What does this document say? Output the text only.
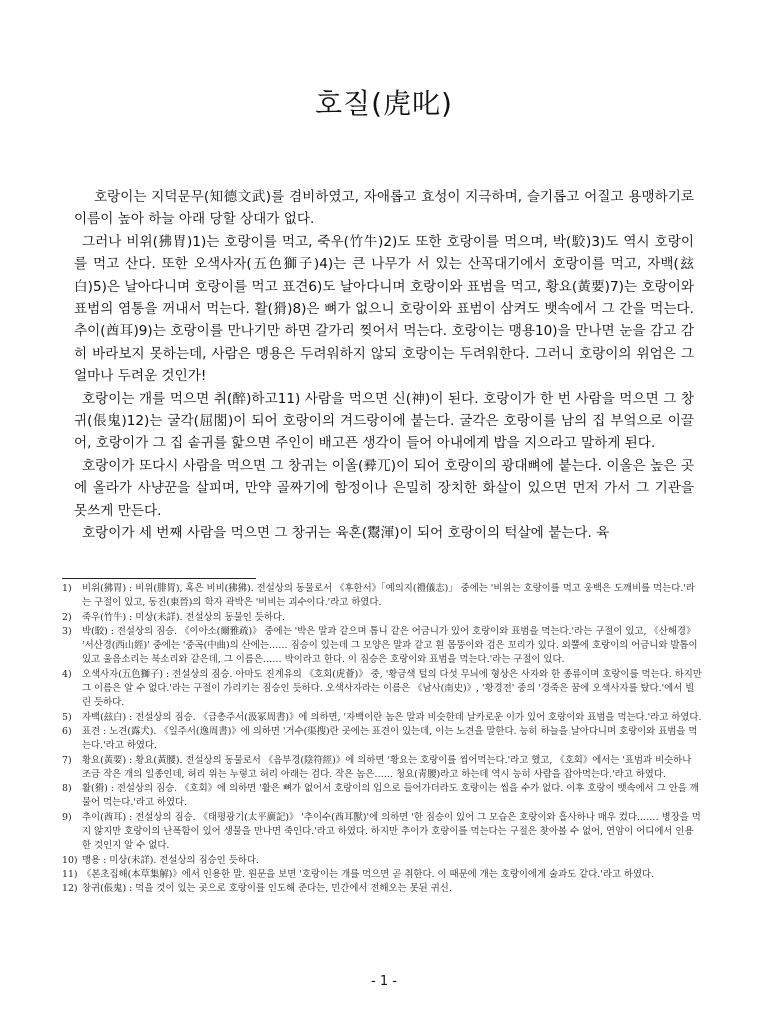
호질(虎叱)

호랑이는 지덕문무(知德文武)를 겸비하였고, 자애롭고 효성이 지극하며, 슬기롭고 어질고 용맹하기로 이름이 높아 하늘 아래 당할 상대가 없다.

그러나 비위(狒胃)1)는 호랑이를 먹고, 죽우(竹牛)2)도 또한 호랑이를 먹으며, 박(駮)3)도 역시 호랑이를 먹고 산다. 또한 오색사자(五色獅子)4)는 큰 나무가 서 있는 산꼭대기에서 호랑이를 먹고, 자백(玆白)5)은 날아다니며 호랑이를 먹고 표견6)도 날아다니며 호랑이와 표범을 먹고, 황요(黃要)7)는 호랑이와 표범의 염통을 꺼내서 먹는다. 활(猾)8)은 뼈가 없으니 호랑이와 표범이 삼켜도 뱃속에서 그 간을 먹는다. 추이(酋耳)9)는 호랑이를 만나기만 하면 갈가리 찢어서 먹는다. 호랑이는 맹용10)을 만나면 눈을 감고 감히 바라보지 못하는데, 사람은 맹용은 두려워하지 않되 호랑이는 두려워한다. 그러니 호랑이의 위엄은 그 얼마나 두려운 것인가!

호랑이는 개를 먹으면 취(醉)하고11) 사람을 먹으면 신(神)이 된다. 호랑이가 한 번 사람을 먹으면 그 창귀(倀鬼)12)는 굴각(屈閣)이 되어 호랑이의 겨드랑이에 붙는다. 굴각은 호랑이를 남의 집 부엌으로 이끌어, 호랑이가 그 집 솥귀를 핥으면 주인이 배고픈 생각이 들어 아내에게 밥을 지으라고 말하게 된다.

호랑이가 또다시 사람을 먹으면 그 창귀는 이올(彛兀)이 되어 호랑이의 광대뼈에 붙는다. 이올은 높은 곳에 올라가 사냥꾼을 살피며, 만약 골짜기에 함정이나 은밀히 장치한 화살이 있으면 먼저 가서 그 기관을 못쓰게 만든다.

호랑이가 세 번째 사람을 먹으면 그 창귀는 육혼(鬻渾)이 되어 호랑이의 턱살에 붙는다. 육

1)	비위(狒胃) : 비위(腓胃), 혹은 비비(狒狒). 전설상의 동물로서 《후한서》「예의지(禮儀志)」 중에는 '비위는 호랑이를 먹고 웅백은 도깨비를 먹는다.'라는 구절이 있고, 동진(東晉)의 학자 곽박은 '비비는 괴수이다.'라고 하였다.
2)	죽우(竹牛) : 미상(未詳). 전설상의 동물인 듯하다.
3)	박(駮) : 전설상의 짐승. 《이아소(爾雅疏)》 중에는 '박은 말과 같으며 톱니 같은 어금니가 있어 호랑이와 표범을 먹는다.'라는 구절이 있고, 《산해경》 '서산경(西山經)' 중에는 '중곡(中曲)의 산에는…… 짐승이 있는데 그 모양은 말과 같고 흰 몸뚱이와 검은 꼬리가 있다. 외뿔에 호랑이의 어금니와 발톱이 있고 울음소리는 북소리와 같은데, 그 이름은…… 박이라고 한다. 이 짐승은 호랑이와 표범을 먹는다.'라는 구절이 있다.
4)	오색사자(五色獅子) : 전설상의 짐승. 아마도 진계유의 《호회(虎薈)》 중, '황금색 털의 다섯 무늬에 형상은 사자와 한 종류이며 호랑이를 먹는다. 하지만 그 이름은 알 수 없다.'라는 구절이 가리키는 짐승인 듯하다. 오색사자라는 이름은 《남사(南史)》, '황경전' 중의 '경죽은 꿈에 오색사자를 탔다.'에서 빌린 듯하다.
5)	자백(玆白) : 전설상의 짐승. 《급총주서(汲冢周書)》에 의하면, '자백이란 놈은 말과 비슷한데 날카로운 이가 있어 호랑이와 표범을 먹는다.'라고 하였다.
6)	표견 : 노견(露犬). 《일주서(逸周書)》에 의하면 '거수(渠搜)란 곳에는 표견이 있는데, 이는 노견을 말한다. 능히 하늘을 날아다니며 호랑이와 표범을 먹는다.'라고 하였다.
7)	황요(黃要) : 황요(黃腰). 전설상의 동물로서 《음부경(陰符經)》에 의하면 '황요는 호랑이를 씹어먹는다.'라고 했고, 《호회》에서는 '표범과 비슷하나 조금 작은 개의 일종인데, 허리 위는 누렇고 허리 아래는 검다. 작은 놈은…… 청요(靑腰)라고 하는데 역시 능히 사람을 잡아먹는다.'라고 하였다.
8)	활(猾) : 전설상의 짐승. 《호회》에 의하면 '활은 뼈가 없어서 호랑이의 입으로 들어가더라도 호랑이는 씹을 수가 없다. 이후 호랑이 뱃속에서 그 안을 깨물어 먹는다.'라고 하였다.
9)	추이(酋耳) : 전설상의 짐승. 《태평광기(太平廣記)》 '추이수(酋耳獸)'에 의하면 '한 짐승이 있어 그 모습은 호랑이와 흡사하나 매우 컸다.…… 병장을 먹지 않지만 호랑이의 난폭함이 있어 생물을 만나면 죽인다.'라고 하였다. 하지만 추이가 호랑이를 먹는다는 구절은 찾아볼 수 없어, 연암이 어디에서 인용한 것인지 알 수 없다.
10) 맹용 : 미상(未詳). 전설상의 짐승인 듯하다.
11) 《본초집해(本草集解)》에서 인용한 말. 원문을 보면 '호랑이는 개를 먹으면 곧 취한다. 이 때문에 개는 호랑이에게 술과도 같다.'라고 하였다.
12) 창귀(倀鬼) : 먹을 것이 있는 곳으로 호랑이를 인도해 준다는, 민간에서 전해오는 못된 귀신.
- 1 -
